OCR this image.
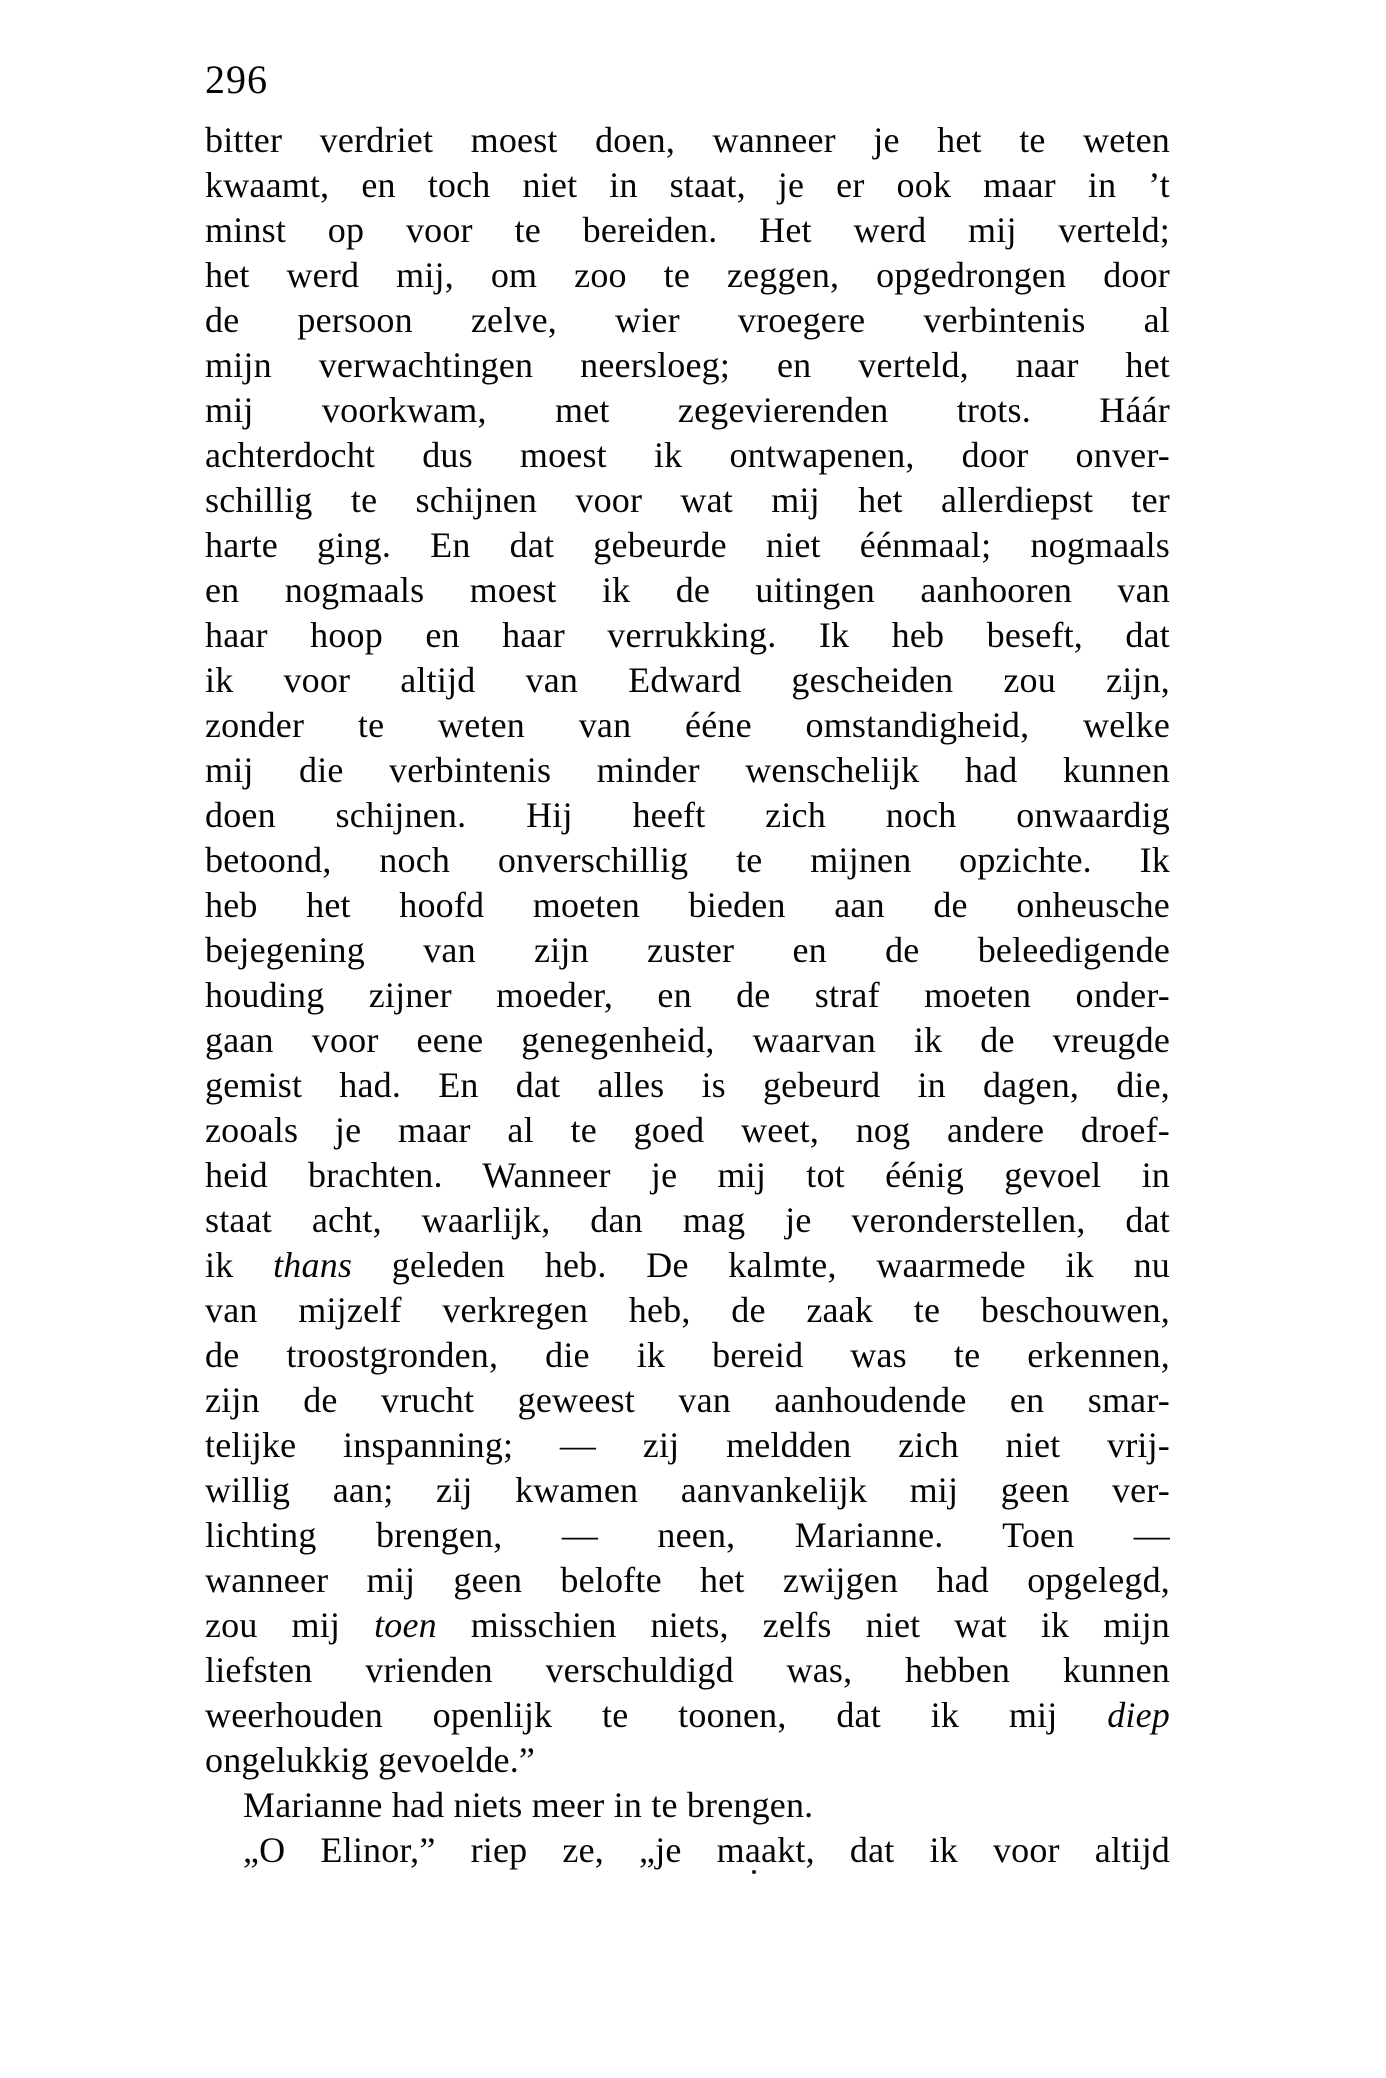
296
bitter verdriet moest doen, wanneer je het te weten
kwaamt, en toch niet in staat, je er ook maar in ’t
minst op voor te bereiden. Het werd mij verteld;
het werd mij, om zoo te zeggen, opgedrongen door
de persoon zelve, wier vroegere verbintenis al
mijn verwachtingen neersloeg; en verteld, naar het
mij voorkwam, met zegevierenden trots. Háár
achterdocht dus moest ik ontwapenen, door onver-
schillig te schijnen voor wat mij het allerdiepst ter
harte ging. En dat gebeurde niet éénmaal; nogmaals
en nogmaals moest ik de uitingen aanhooren van
haar hoop en haar verrukking. Ik heb beseft, dat
ik voor altijd van Edward gescheiden zou zijn,
zonder te weten van ééne omstandigheid, welke
mij die verbintenis minder wenschelijk had kunnen
doen schijnen. Hij heeft zich noch onwaardig
betoond, noch onverschillig te mijnen opzichte. Ik
heb het hoofd moeten bieden aan de onheusche
bejegening van zijn zuster en de beleedigende
houding zijner moeder, en de straf moeten onder-
gaan voor eene genegenheid, waarvan ik de vreugde
gemist had. En dat alles is gebeurd in dagen, die,
zooals je maar al te goed weet, nog andere droef-
heid brachten. Wanneer je mij tot éénig gevoel in
staat acht, waarlijk, dan mag je veronderstellen, dat
ik thans geleden heb. De kalmte, waarmede ik nu
van mijzelf verkregen heb, de zaak te beschouwen,
de troostgronden, die ik bereid was te erkennen,
zijn de vrucht geweest van aanhoudende en smar-
telijke inspanning; — zij meldden zich niet vrij-
willig aan; zij kwamen aanvankelijk mij geen ver-
lichting brengen, — neen, Marianne. Toen —
wanneer mij geen belofte het zwijgen had opgelegd,
zou mij toen misschien niets, zelfs niet wat ik mijn
liefsten vrienden verschuldigd was, hebben kunnen
weerhouden openlijk te toonen, dat ik mij diep
ongelukkig gevoelde.”
Marianne had niets meer in te brengen.
„O Elinor,” riep ze, „je maakt, dat ik voor altijd
